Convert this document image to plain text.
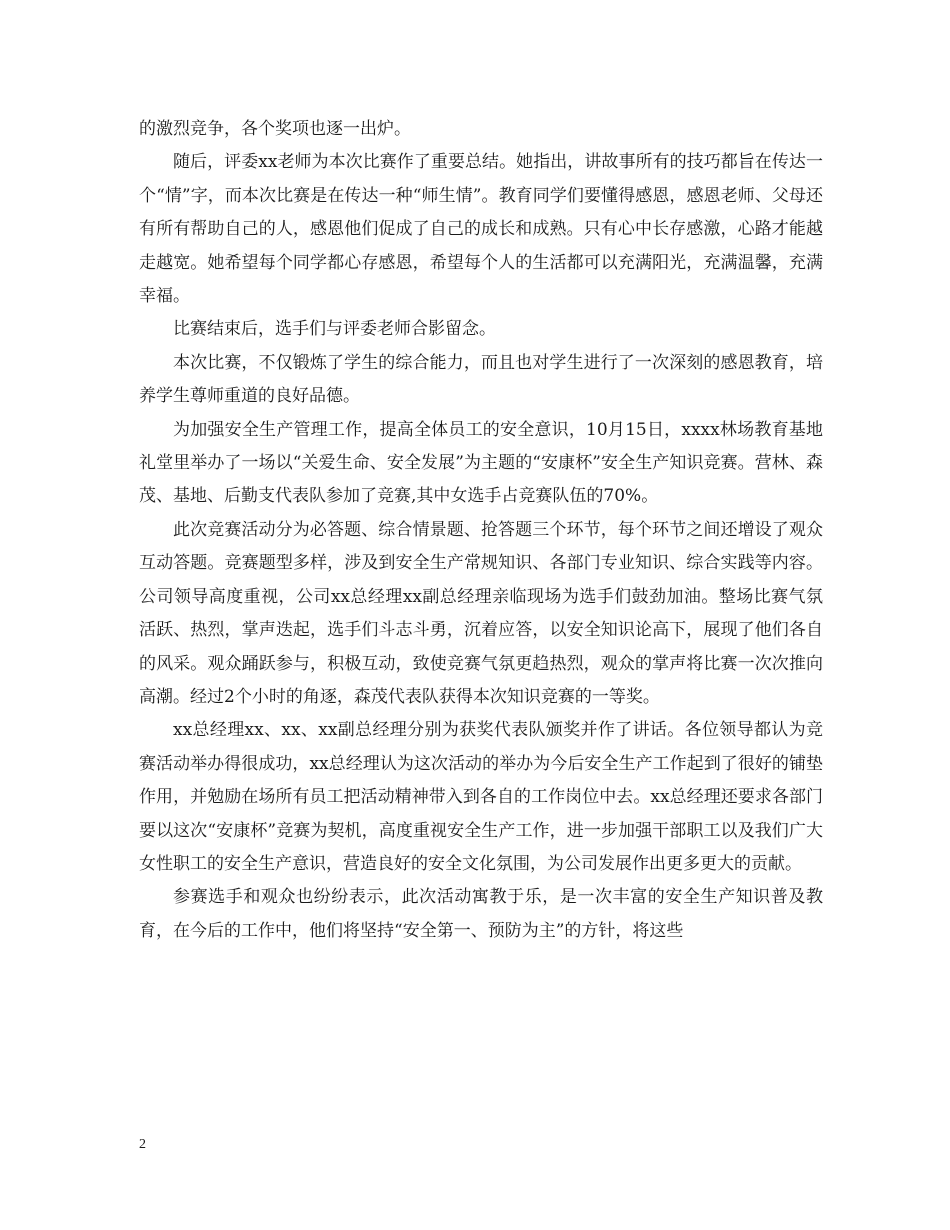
的激烈竞争，各个奖项也逐一出炉。

随后，评委xx老师为本次比赛作了重要总结。她指出，讲故事所有的技巧都旨在传达一个“情”字，而本次比赛是在传达一种“师生情”。教育同学们要懂得感恩，感恩老师、父母还有所有帮助自己的人，感恩他们促成了自己的成长和成熟。只有心中长存感激，心路才能越走越宽。她希望每个同学都心存感恩，希望每个人的生活都可以充满阳光，充满温馨，充满幸福。

比赛结束后，选手们与评委老师合影留念。

本次比赛，不仅锻炼了学生的综合能力，而且也对学生进行了一次深刻的感恩教育，培养学生尊师重道的良好品德。

为加强安全生产管理工作，提高全体员工的安全意识，10月15日，xxxx林场教育基地礼堂里举办了一场以“关爱生命、安全发展”为主题的“安康杯”安全生产知识竞赛。营林、森茂、基地、后勤支代表队参加了竞赛,其中女选手占竞赛队伍的70%。

此次竞赛活动分为必答题、综合情景题、抢答题三个环节，每个环节之间还增设了观众互动答题。竞赛题型多样，涉及到安全生产常规知识、各部门专业知识、综合实践等内容。公司领导高度重视，公司xx总经理xx副总经理亲临现场为选手们鼓劲加油。整场比赛气氛活跃、热烈，掌声迭起，选手们斗志斗勇，沉着应答，以安全知识论高下，展现了他们各自的风采。观众踊跃参与，积极互动，致使竞赛气氛更趋热烈，观众的掌声将比赛一次次推向高潮。经过2个小时的角逐，森茂代表队获得本次知识竞赛的一等奖。

xx总经理xx、xx、xx副总经理分别为获奖代表队颁奖并作了讲话。各位领导都认为竞赛活动举办得很成功，xx总经理认为这次活动的举办为今后安全生产工作起到了很好的铺垫作用，并勉励在场所有员工把活动精神带入到各自的工作岗位中去。xx总经理还要求各部门要以这次“安康杯”竞赛为契机，高度重视安全生产工作，进一步加强干部职工以及我们广大女性职工的安全生产意识，营造良好的安全文化氛围，为公司发展作出更多更大的贡献。

参赛选手和观众也纷纷表示，此次活动寓教于乐，是一次丰富的安全生产知识普及教育，在今后的工作中，他们将坚持“安全第一、预防为主”的方针，将这些

2
